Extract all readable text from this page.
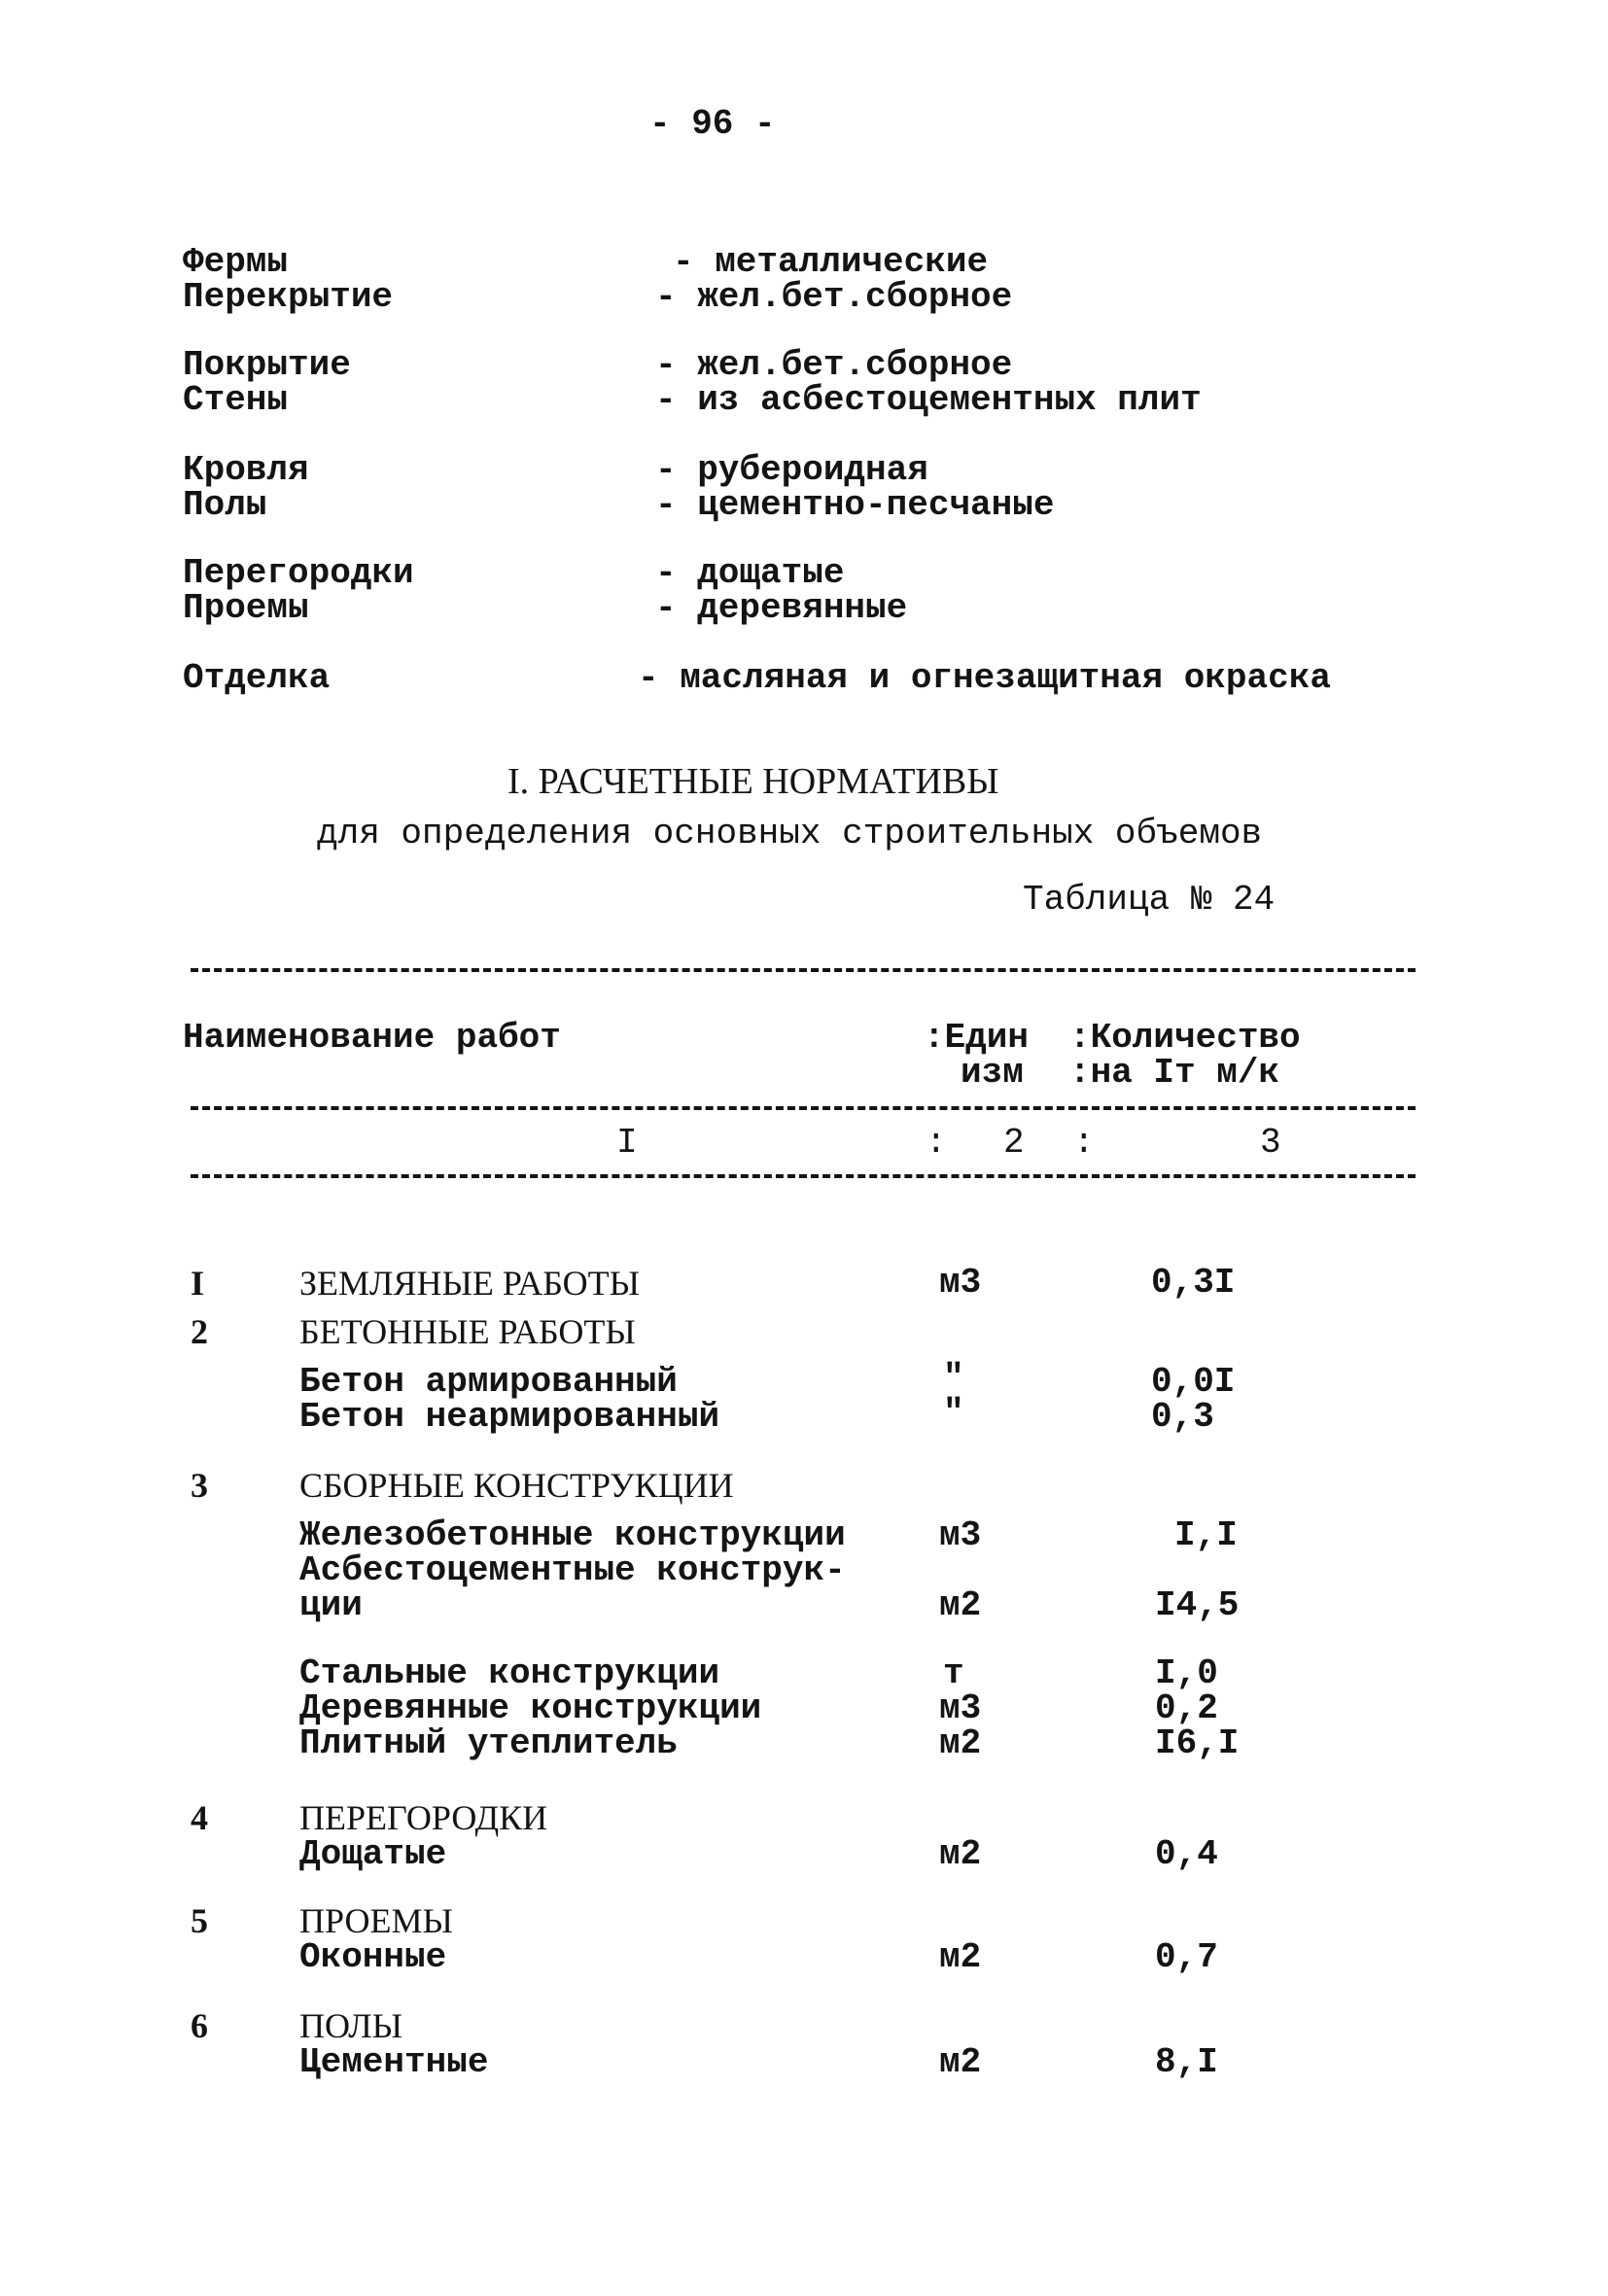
- 96 -
Фермы	- металлические
Перекрытие	- жел.бет.сборное
Покрытие	- жел.бет.сборное
Стены	- из асбестоцементных плит
Кровля	- рубероидная
Полы	- цементно-песчаные
Перегородки	- дощатые
Проемы	- деревянные
Отделка	- масляная и огнезащитная окраска
I. РАСЧЕТНЫЕ НОРМАТИВЫ
для определения основных строительных объемов
Таблица № 24
Наименование работ	:Един
изм
:Количество
:на Iт м/к
I	: 2 :	3
I	ЗЕМЛЯНЫЕ РАБОТЫ	м3	0,3I
2	БЕТОННЫЕ РАБОТЫ
Бетон армированный	"	0,0I
Бетон неармированный	"	0,3
3	СБОРНЫЕ КОНСТРУКЦИИ
Железобетонные конструкции	м3	I,I
Асбестоцементные конструк-
ции	м2	I4,5
Стальные конструкции	т	I,0
Деревянные конструкции	м3	0,2
Плитный утеплитель	м2	I6,I
4	ПЕРЕГОРОДКИ
Дощатые	м2	0,4
5	ПРОЕМЫ
Оконные	м2	0,7
6	ПОЛЫ
Цементные	м2	8,I
